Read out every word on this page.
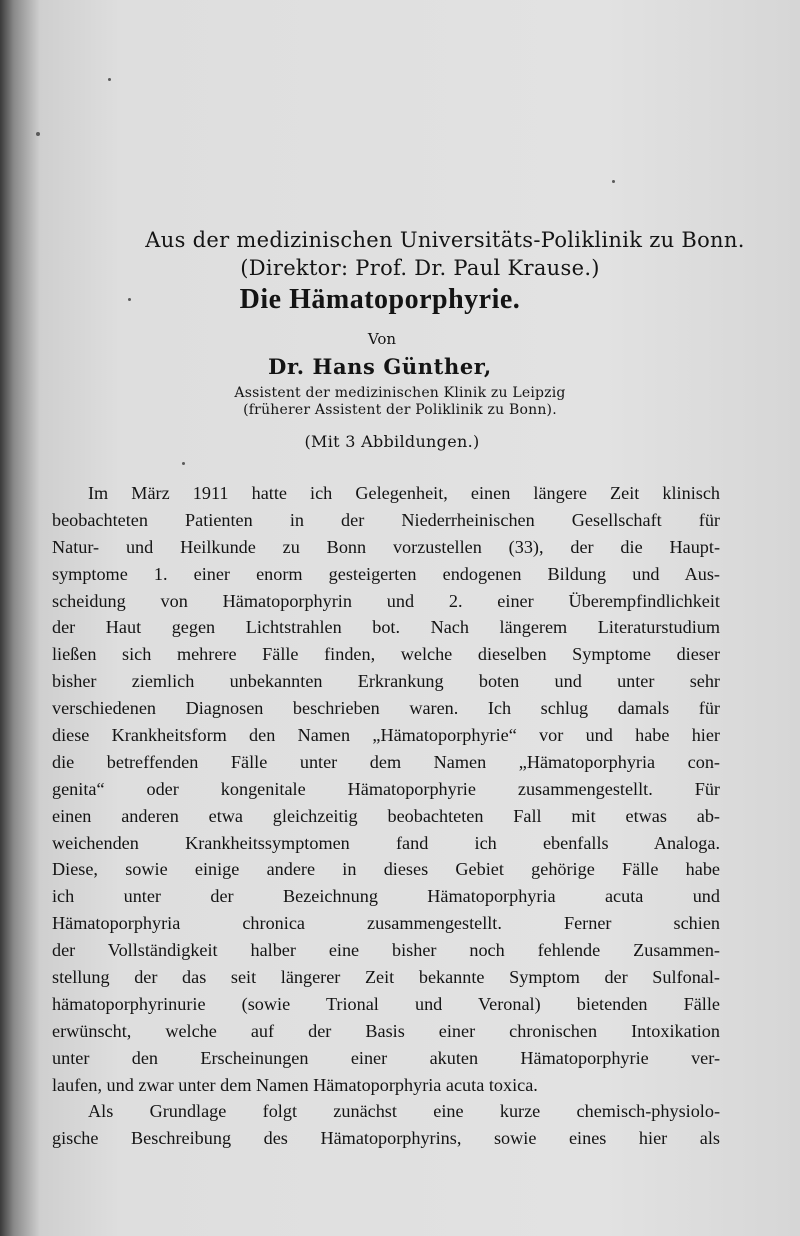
Aus der medizinischen Universitäts-Poliklinik zu Bonn.
(Direktor: Prof. Dr. Paul Krause.)
Die Hämatoporphyrie.
Von
Dr. Hans Günther,
Assistent der medizinischen Klinik zu Leipzig
(früherer Assistent der Poliklinik zu Bonn).
(Mit 3 Abbildungen.)
Im März 1911 hatte ich Gelegenheit, einen längere Zeit klinisch
beobachteten Patienten in der Niederrheinischen Gesellschaft für
Natur- und Heilkunde zu Bonn vorzustellen (33), der die Haupt-
symptome 1. einer enorm gesteigerten endogenen Bildung und Aus-
scheidung von Hämatoporphyrin und 2. einer Überempfindlichkeit
der Haut gegen Lichtstrahlen bot. Nach längerem Literaturstudium
ließen sich mehrere Fälle finden, welche dieselben Symptome dieser
bisher ziemlich unbekannten Erkrankung boten und unter sehr
verschiedenen Diagnosen beschrieben waren. Ich schlug damals für
diese Krankheitsform den Namen „Hämatoporphyrie“ vor und habe hier
die betreffenden Fälle unter dem Namen „Hämatoporphyria con-
genita“ oder kongenitale Hämatoporphyrie zusammengestellt. Für
einen anderen etwa gleichzeitig beobachteten Fall mit etwas ab-
weichenden Krankheitssymptomen fand ich ebenfalls Analoga.
Diese, sowie einige andere in dieses Gebiet gehörige Fälle habe
ich unter der Bezeichnung Hämatoporphyria acuta und
Hämatoporphyria chronica zusammengestellt. Ferner schien
der Vollständigkeit halber eine bisher noch fehlende Zusammen-
stellung der das seit längerer Zeit bekannte Symptom der Sulfonal-
hämatoporphyrinurie (sowie Trional und Veronal) bietenden Fälle
erwünscht, welche auf der Basis einer chronischen Intoxikation
unter den Erscheinungen einer akuten Hämatoporphyrie ver-
laufen, und zwar unter dem Namen Hämatoporphyria acuta toxica.
Als Grundlage folgt zunächst eine kurze chemisch-physiolo-
gische Beschreibung des Hämatoporphyrins, sowie eines hier als
